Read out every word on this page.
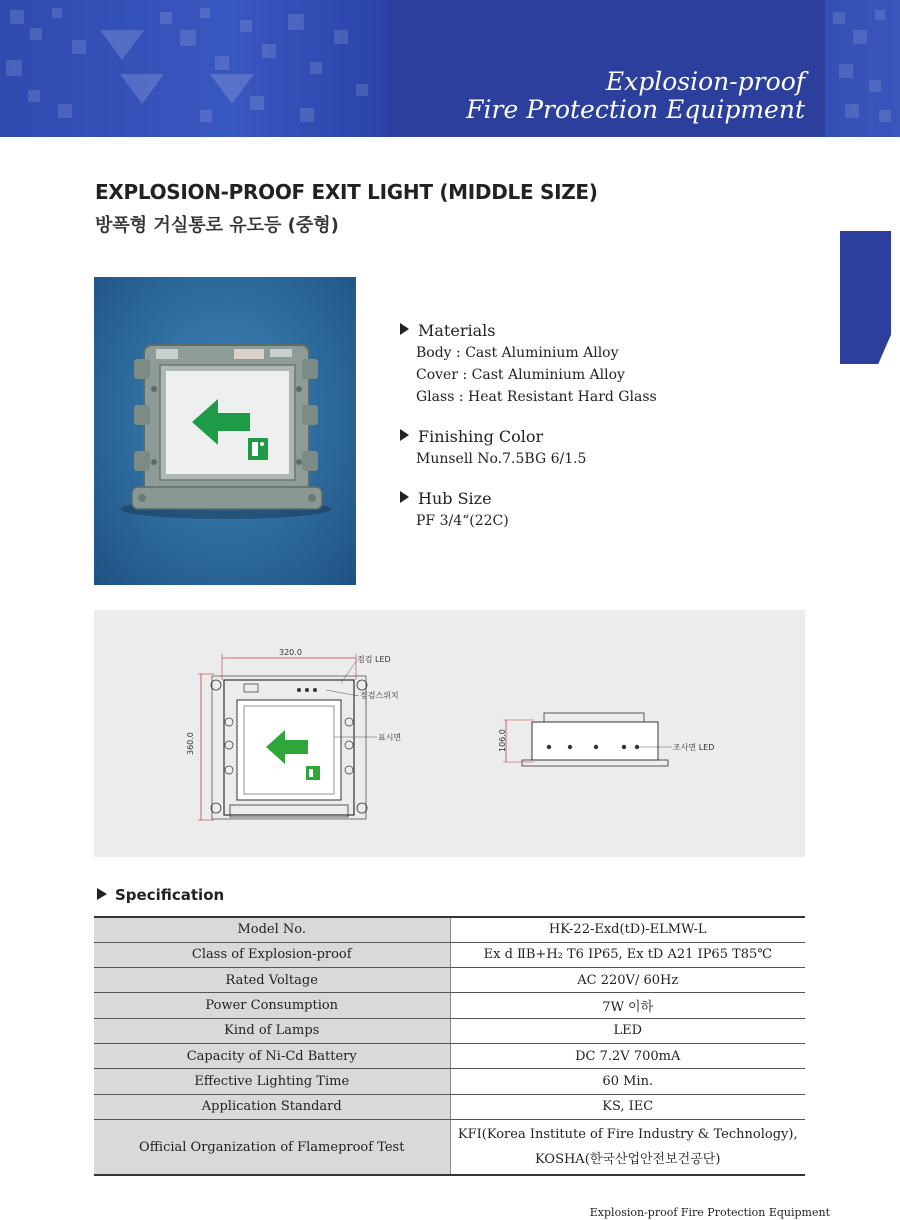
Explosion-proof
Fire Protection Equipment
EXPLOSION-PROOF EXIT LIGHT (MIDDLE SIZE)
방폭형 거실통로 유도등 (중형)
Materials
Body : Cast Aluminium Alloy
Cover : Cast Aluminium Alloy
Glass : Heat Resistant Hard Glass
Finishing Color
Munsell No.7.5BG 6/1.5
Hub Size
PF 3/4“(22C)
320.0
360.0
점검 LED
점검스위치
표시면	106.0	조사면 LED
Specification
Model No.	HK-22-Exd(tD)-ELMW-L
Class of Explosion-proof	Ex d ⅡB+H₂ T6 IP65, Ex tD A21 IP65 T85℃
Rated Voltage	AC 220V/ 60Hz
Power Consumption	7W 이하
Kind of Lamps	LED
Capacity of Ni-Cd Battery	DC 7.2V 700mA
Effective Lighting Time	60 Min.
Application Standard	KS, IEC
Official Organization of Flameproof Test	KFI(Korea Institute of Fire Industry & Technology),
KOSHA(한국산업안전보건공단)
Explosion-proof Fire Protection Equipment
